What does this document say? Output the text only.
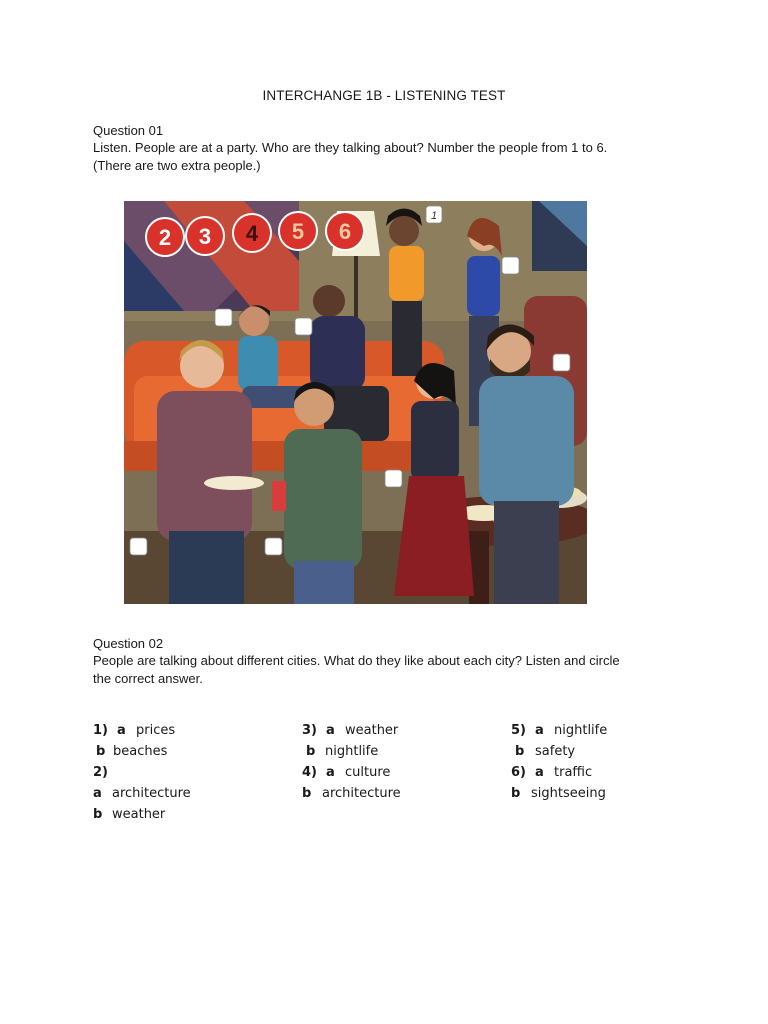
INTERCHANGE 1B - LISTENING TEST
Question 01
Listen. People are at a party. Who are they talking about? Number the people from 1 to 6.
(There are two extra people.)
2 3 4 5 6
1
Question 02
People are talking about different cities. What do they like about each city? Listen and circle
the correct answer.
1) a prices
b beaches
2)
a architecture
b weather
3) a weather
b nightlife
4) a culture
b architecture
5) a nightlife
b safety
6) a traffic
b sightseeing
